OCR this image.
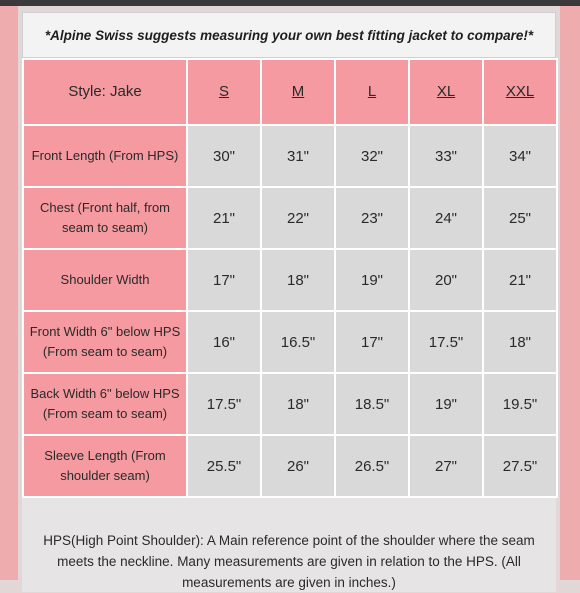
*Alpine Swiss suggests measuring your own best fitting jacket to compare!*
Style: Jake	S	M	L	XL	XXL
Front Length (From HPS)	30"	31"	32"	33"	34"
Chest (Front half, from
seam to seam)	21"	22"	23"	24"	25"
Shoulder Width	17"	18"	19"	20"	21"
Front Width 6" below HPS
(From seam to seam)	16"	16.5"	17"	17.5"	18"
Back Width 6" below HPS
(From seam to seam)	17.5"	18"	18.5"	19"	19.5"
Sleeve Length (From
shoulder seam)	25.5"	26"	26.5"	27"	27.5"
HPS(High Point Shoulder): A Main reference point of the shoulder where the seam meets the neckline. Many measurements are given in relation to the HPS. (All measurements are given in inches.)
